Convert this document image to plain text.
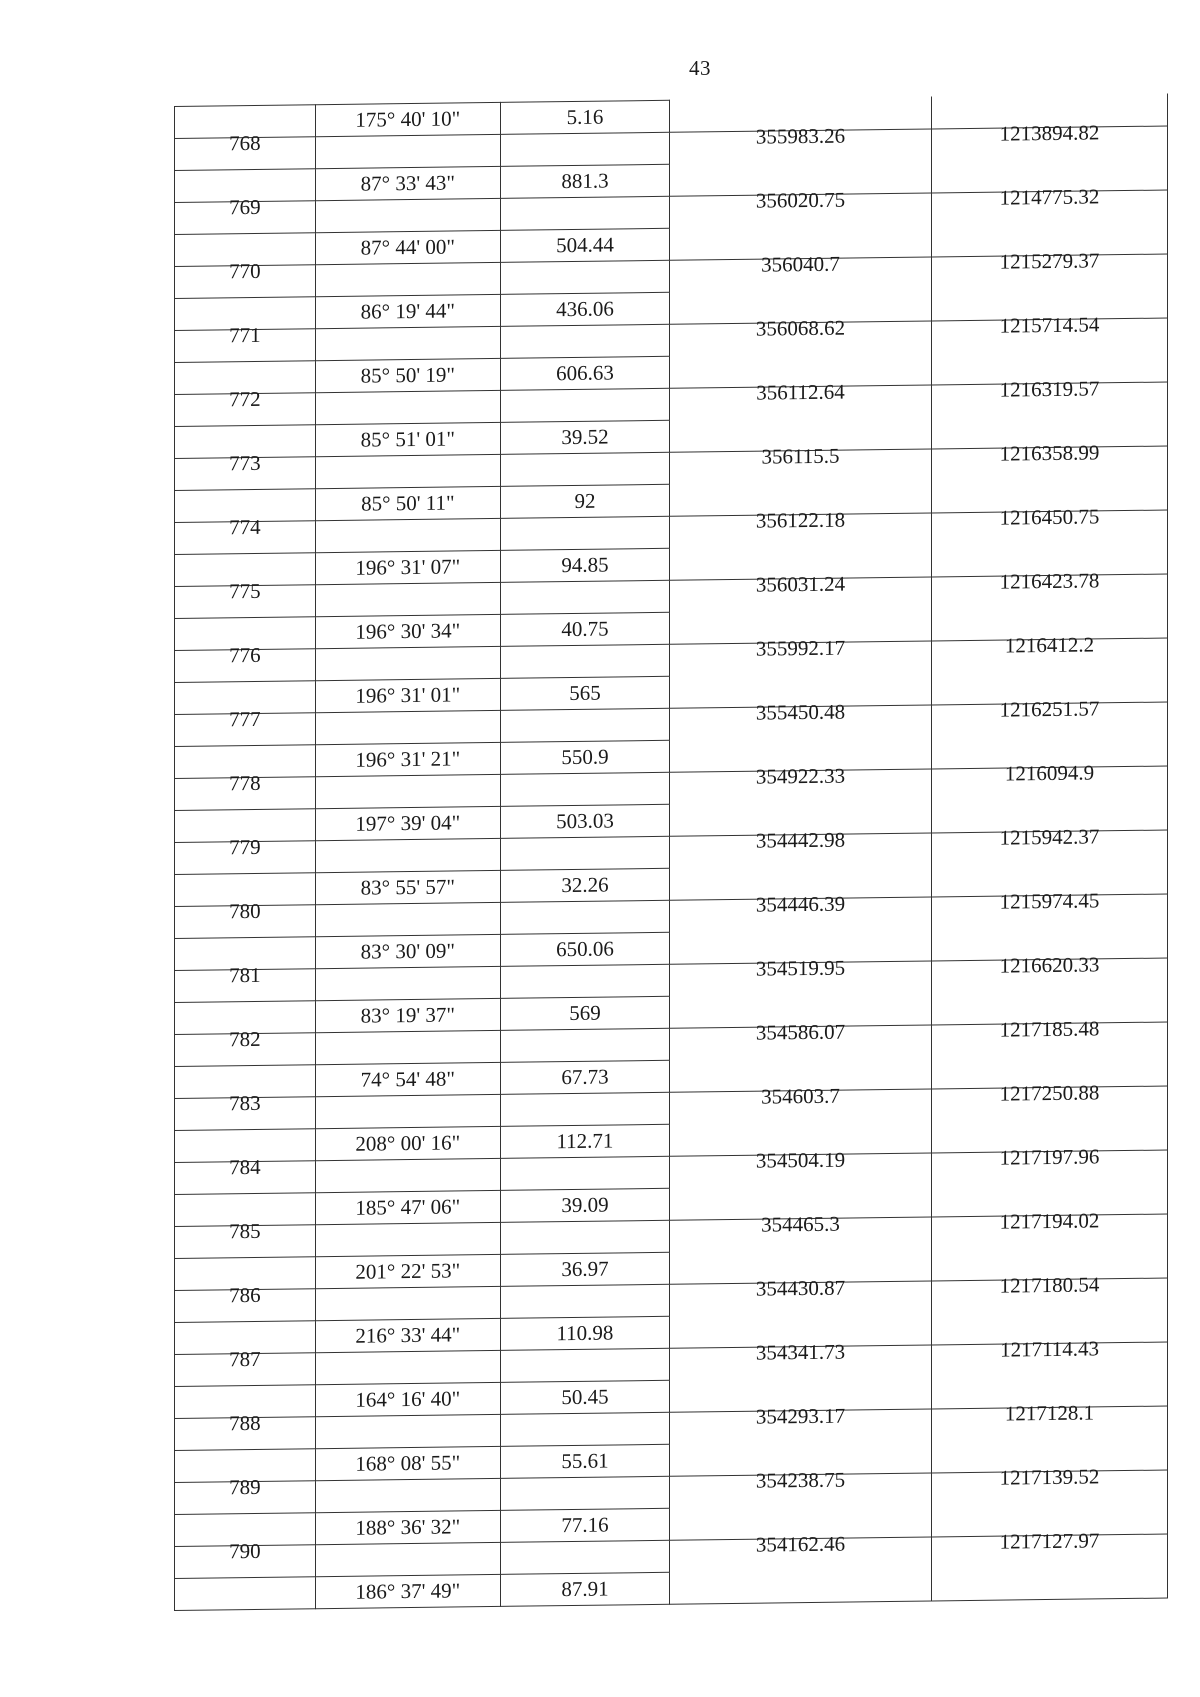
43
	175° 40' 10"	5.16		
768			355983.26	1213894.82
	87° 33' 43"	881.3		
769			356020.75	1214775.32
	87° 44' 00"	504.44		
770			356040.7	1215279.37
	86° 19' 44"	436.06		
771			356068.62	1215714.54
	85° 50' 19"	606.63		
772			356112.64	1216319.57
	85° 51' 01"	39.52		
773			356115.5	1216358.99
	85° 50' 11"	92		
774			356122.18	1216450.75
	196° 31' 07"	94.85		
775			356031.24	1216423.78
	196° 30' 34"	40.75		
776			355992.17	1216412.2
	196° 31' 01"	565		
777			355450.48	1216251.57
	196° 31' 21"	550.9		
778			354922.33	1216094.9
	197° 39' 04"	503.03		
779			354442.98	1215942.37
	83° 55' 57"	32.26		
780			354446.39	1215974.45
	83° 30' 09"	650.06		
781			354519.95	1216620.33
	83° 19' 37"	569		
782			354586.07	1217185.48
	74° 54' 48"	67.73		
783			354603.7	1217250.88
	208° 00' 16"	112.71		
784			354504.19	1217197.96
	185° 47' 06"	39.09		
785			354465.3	1217194.02
	201° 22' 53"	36.97		
786			354430.87	1217180.54
	216° 33' 44"	110.98		
787			354341.73	1217114.43
	164° 16' 40"	50.45		
788			354293.17	1217128.1
	168° 08' 55"	55.61		
789			354238.75	1217139.52
	188° 36' 32"	77.16		
790			354162.46	1217127.97
	186° 37' 49"	87.91		
